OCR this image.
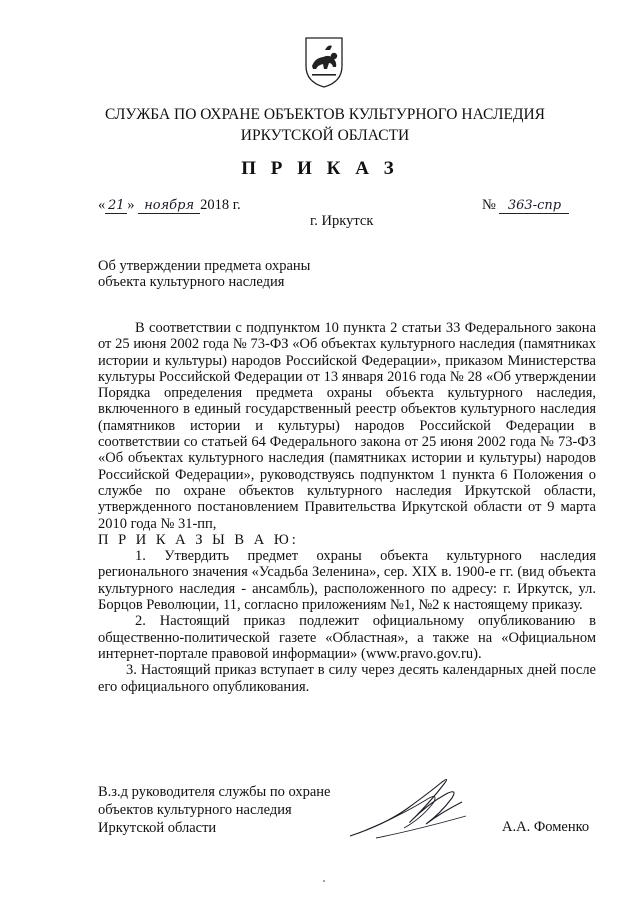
СЛУЖБА ПО ОХРАНЕ ОБЪЕКТОВ КУЛЬТУРНОГО НАСЛЕДИЯ ИРКУТСКОЙ ОБЛАСТИ
П Р И К А З
« 21 » ноября 2018 г.	№ 363-спр
г. Иркутск
Об утверждении предмета охраны объекта культурного наследия

В соответствии с подпунктом 10 пункта 2 статьи 33 Федерального закона от 25 июня 2002 года № 73-ФЗ «Об объектах культурного наследия (памятниках истории и культуры) народов Российской Федерации», приказом Министерства культуры Российской Федерации от 13 января 2016 года № 28 «Об утверждении Порядка определения предмета охраны объекта культурного наследия, включенного в единый государственный реестр объектов культурного наследия (памятников истории и культуры) народов Российской Федерации в соответствии со статьей 64 Федерального закона от 25 июня 2002 года № 73-ФЗ «Об объектах культурного наследия (памятниках истории и культуры) народов Российской Федерации», руководствуясь подпунктом 1 пункта 6 Положения о службе по охране объектов культурного наследия Иркутской области, утвержденного постановлением Правительства Иркутской области от 9 марта 2010 года № 31-пп,

П Р И К А З Ы В А Ю:

1. Утвердить предмет охраны объекта культурного наследия регионального значения «Усадьба Зеленина», сер. XIX в. 1900-е гг. (вид объекта культурного наследия - ансамбль), расположенного по адресу: г. Иркутск, ул. Борцов Революции, 11, согласно приложениям №1, №2 к настоящему приказу.

2. Настоящий приказ подлежит официальному опубликованию в общественно-политической газете «Областная», а также на «Официальном интернет-портале правовой информации» (www.pravo.gov.ru).

3. Настоящий приказ вступает в силу через десять календарных дней после его официального опубликования.

В.з.д руководителя службы по охране
объектов культурного наследия
Иркутской области	А.А. Фоменко
